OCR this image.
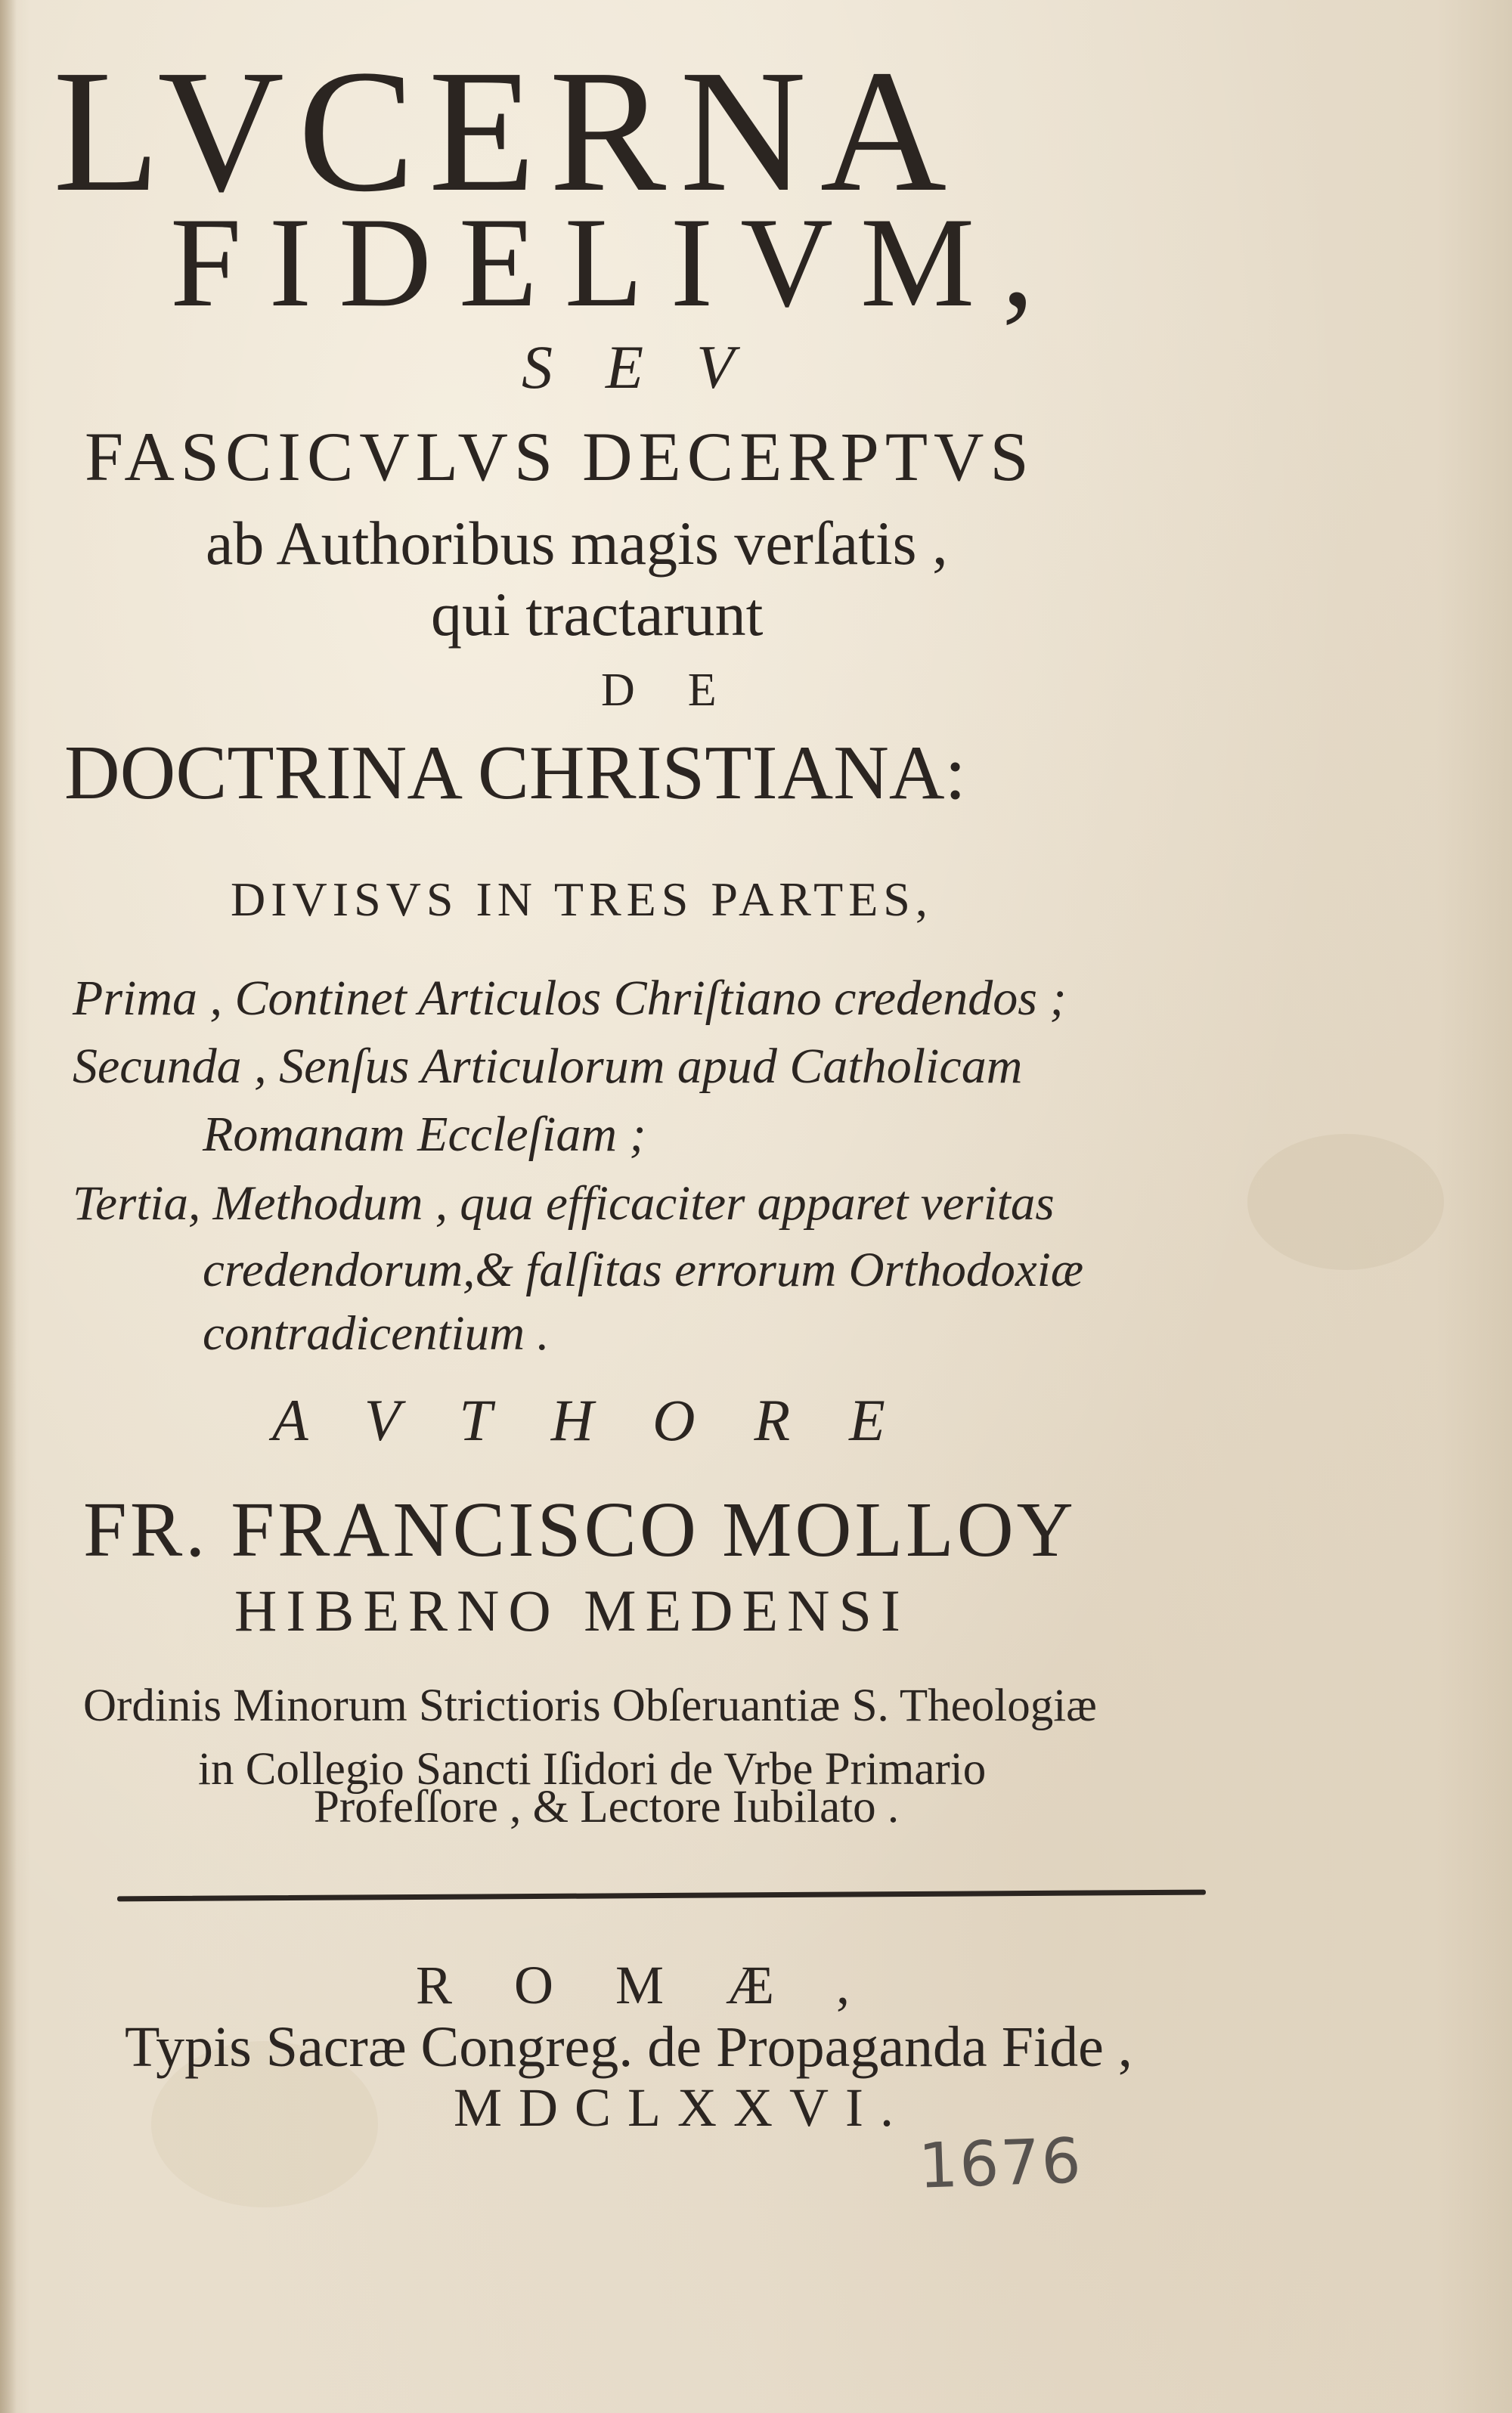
LVCERNA
FIDELIVM,
SEV
FASCICVLVS DECERPTVS
ab Authoribus magis verſatis ,
qui tractarunt
DE
DOCTRINA CHRISTIANA:
DIVISVS IN TRES PARTES,
Prima , Continet Articulos Chriſtiano credendos ;
Secunda , Senſus Articulorum apud Catholicam
Romanam Eccleſiam ;
Tertia, Methodum , qua efficaciter apparet veritas
credendorum,& falſitas errorum Orthodoxiæ
contradicentium .
AVTHORE
FR. FRANCISCO MOLLOY
HIBERNO MEDENSI
Ordinis Minorum Strictioris Obſeruantiæ S. Theologiæ
in Collegio Sancti Iſidori de Vrbe Primario
Profeſſore , & Lectore Iubilato .
ROMÆ,
Typis Sacræ Congreg. de Propaganda Fide ,
MDCLXXVI.
1676
